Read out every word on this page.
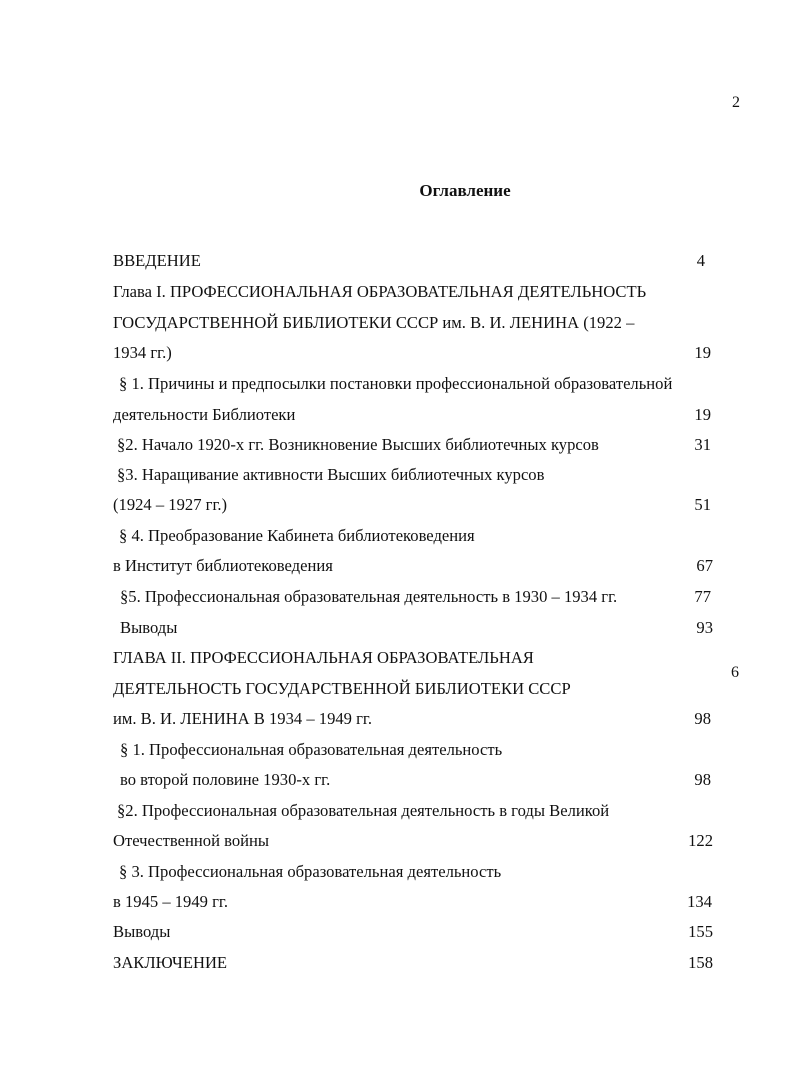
2
Оглавление
6
ВВЕДЕНИЕ	4
Глава I. ПРОФЕССИОНАЛЬНАЯ ОБРАЗОВАТЕЛЬНАЯ ДЕЯТЕЛЬНОСТЬ
ГОСУДАРСТВЕННОЙ БИБЛИОТЕКИ СССР им. В. И. ЛЕНИНА (1922 –
1934 гг.)	19
§ 1. Причины и предпосылки постановки профессиональной образовательной
деятельности Библиотеки	19
§2. Начало 1920-х гг. Возникновение Высших библиотечных курсов	31
§3. Наращивание активности Высших библиотечных курсов
(1924 – 1927 гг.)	51
§ 4. Преобразование Кабинета библиотековедения
в Институт библиотековедения	67
§5. Профессиональная образовательная деятельность в 1930 – 1934 гг.	77
Выводы	93
ГЛАВА II. ПРОФЕССИОНАЛЬНАЯ ОБРАЗОВАТЕЛЬНАЯ
ДЕЯТЕЛЬНОСТЬ ГОСУДАРСТВЕННОЙ БИБЛИОТЕКИ СССР
им. В. И. ЛЕНИНА В 1934 – 1949 гг.	98
§ 1. Профессиональная образовательная деятельность
во второй половине 1930-х гг.	98
§2. Профессиональная образовательная деятельность в годы Великой
Отечественной войны	122
§ 3. Профессиональная образовательная деятельность
в 1945 – 1949 гг.	134
Выводы	155
ЗАКЛЮЧЕНИЕ	158
